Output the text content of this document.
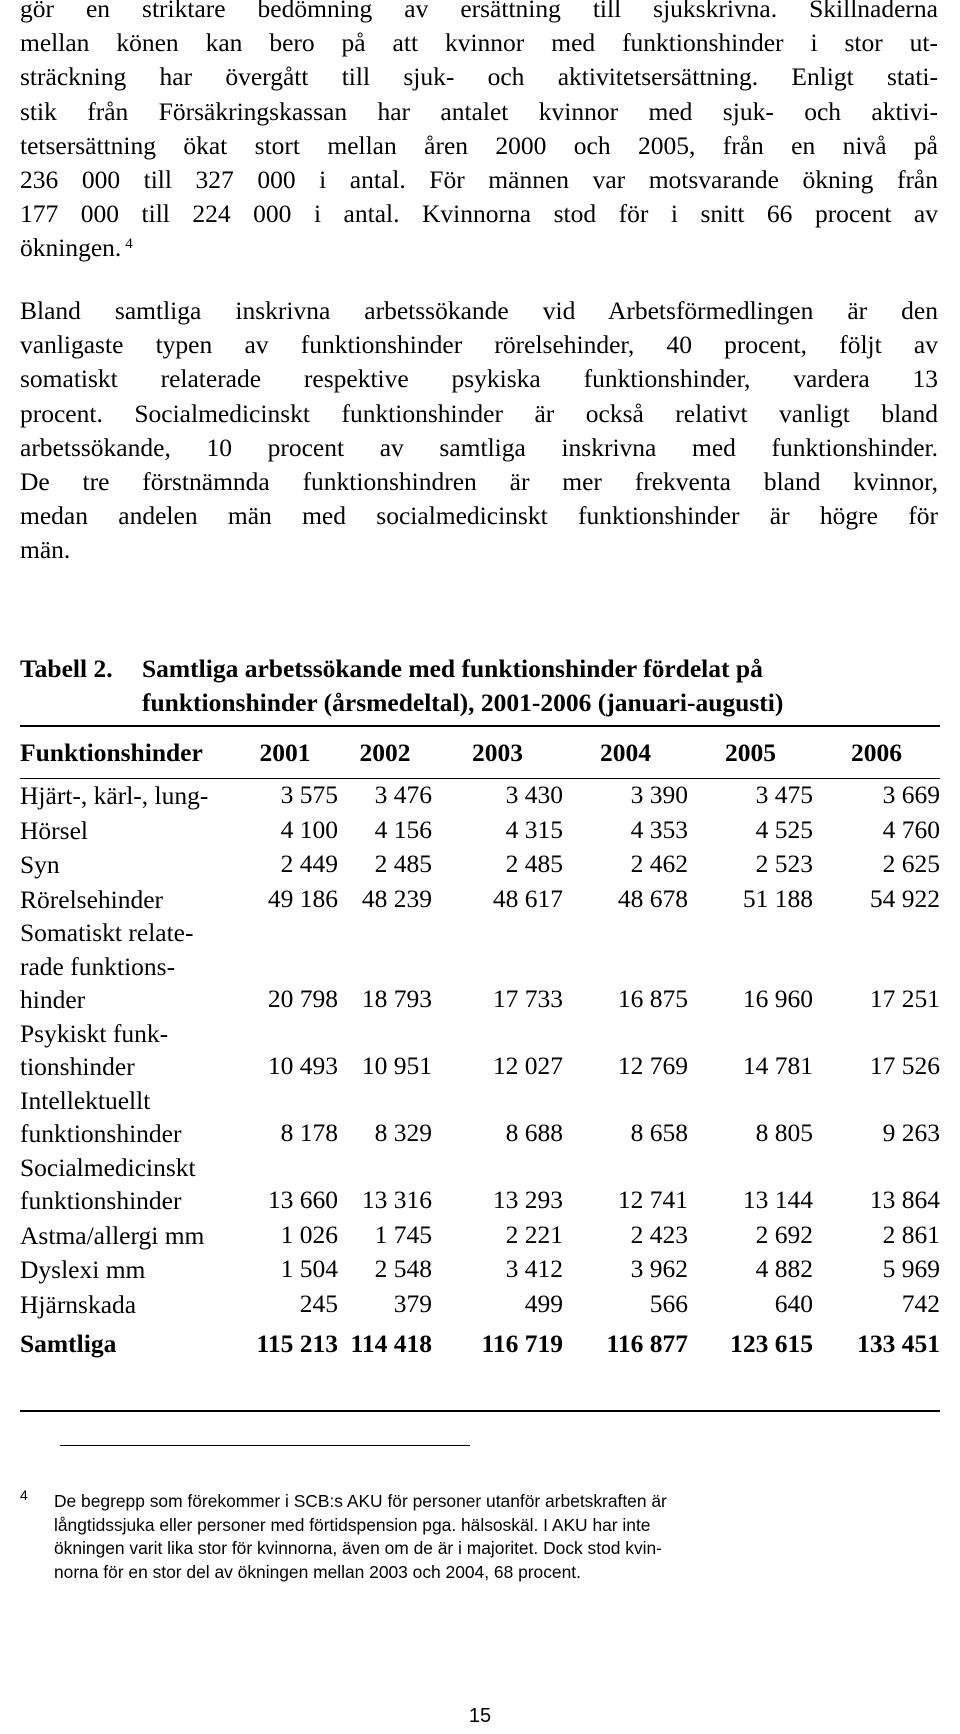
gör en striktare bedömning av ersättning till sjukskrivna. Skillnaderna
mellan könen kan bero på att kvinnor med funktionshinder i stor ut-
sträckning har övergått till sjuk- och aktivitetsersättning. Enligt stati-
stik från Försäkringskassan har antalet kvinnor med sjuk- och aktivi-
tetsersättning ökat stort mellan åren 2000 och 2005, från en nivå på
236 000 till 327 000 i antal. För männen var motsvarande ökning från
177 000 till 224 000 i antal. Kvinnorna stod för i snitt 66 procent av
ökningen. $^4$
Bland samtliga inskrivna arbetssökande vid Arbetsförmedlingen är den
vanligaste typen av funktionshinder rörelsehinder, 40 procent, följt av
somatiskt relaterade respektive psykiska funktionshinder, vardera 13
procent. Socialmedicinskt funktionshinder är också relativt vanligt bland
arbetssökande, 10 procent av samtliga inskrivna med funktionshinder.
De tre förstnämnda funktionshindren är mer frekventa bland kvinnor,
medan andelen män med socialmedicinskt funktionshinder är högre för
män.
Tabell 2. Samtliga arbetssökande med funktionshinder fördelat på
funktionshinder (årsmedeltal), 2001-2006 (januari-augusti)
Funktionshinder	2001	2002	2003	2004	2005	2006
Hjärt-, kärl-, lung-	3 575	3 476	3 430	3 390	3 475	3 669
Hörsel	4 100	4 156	4 315	4 353	4 525	4 760
Syn	2 449	2 485	2 485	2 462	2 523	2 625
Rörelsehinder	49 186	48 239	48 617	48 678	51 188	54 922
Somatiskt relate-
rade funktions-
hinder	20 798	18 793	17 733	16 875	16 960	17 251
Psykiskt funk-
tionshinder	10 493	10 951	12 027	12 769	14 781	17 526
Intellektuellt
funktionshinder	8 178	8 329	8 688	8 658	8 805	9 263
Socialmedicinskt
funktionshinder	13 660	13 316	13 293	12 741	13 144	13 864
Astma/allergi mm	1 026	1 745	2 221	2 423	2 692	2 861
Dyslexi mm	1 504	2 548	3 412	3 962	4 882	5 969
Hjärnskada	245	379	499	566	640	742
Samtliga	115 213	114 418	116 719	116 877	123 615	133 451
4 De begrepp som förekommer i SCB:s AKU för personer utanför arbetskraften är
långtidssjuka eller personer med förtidspension pga. hälsoskäl. I AKU har inte
ökningen varit lika stor för kvinnorna, även om de är i majoritet. Dock stod kvin-
norna för en stor del av ökningen mellan 2003 och 2004, 68 procent.
15
